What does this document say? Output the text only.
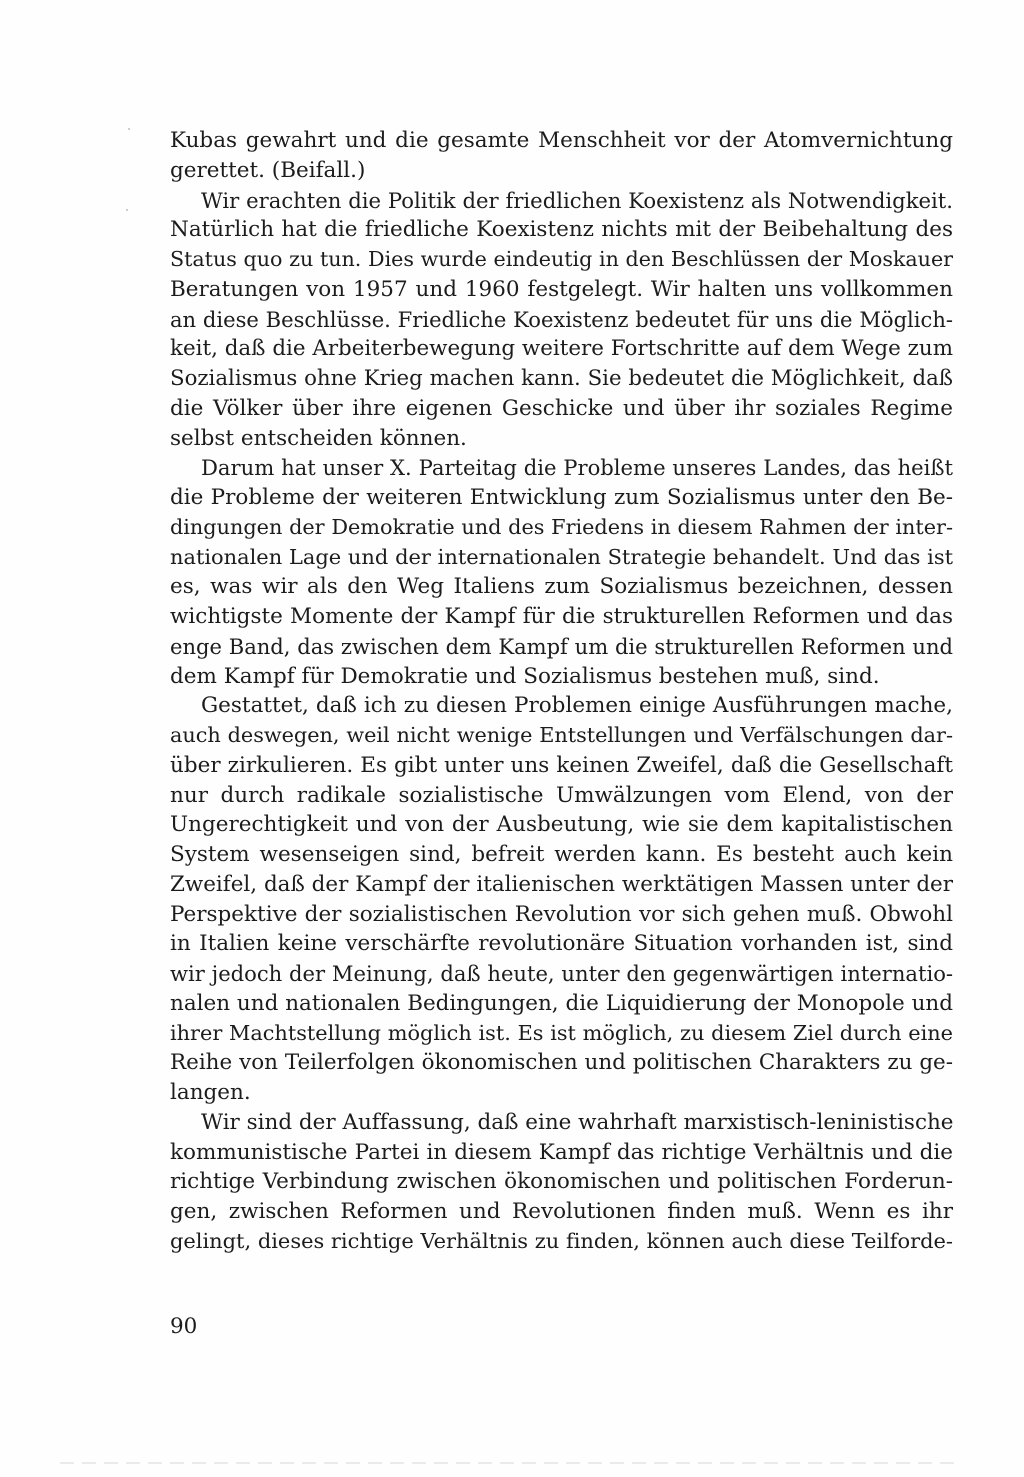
Kubas gewahrt und die gesamte Menschheit vor der Atomvernichtung
gerettet. (Beifall.)
Wir erachten die Politik der friedlichen Koexistenz als Notwendigkeit.
Natürlich hat die friedliche Koexistenz nichts mit der Beibehaltung des
Status quo zu tun. Dies wurde eindeutig in den Beschlüssen der Moskauer
Beratungen von 1957 und 1960 festgelegt. Wir halten uns vollkommen
an diese Beschlüsse. Friedliche Koexistenz bedeutet für uns die Möglich-
keit, daß die Arbeiterbewegung weitere Fortschritte auf dem Wege zum
Sozialismus ohne Krieg machen kann. Sie bedeutet die Möglichkeit, daß
die Völker über ihre eigenen Geschicke und über ihr soziales Regime
selbst entscheiden können.
Darum hat unser X. Parteitag die Probleme unseres Landes, das heißt
die Probleme der weiteren Entwicklung zum Sozialismus unter den Be-
dingungen der Demokratie und des Friedens in diesem Rahmen der inter-
nationalen Lage und der internationalen Strategie behandelt. Und das ist
es, was wir als den Weg Italiens zum Sozialismus bezeichnen, dessen
wichtigste Momente der Kampf für die strukturellen Reformen und das
enge Band, das zwischen dem Kampf um die strukturellen Reformen und
dem Kampf für Demokratie und Sozialismus bestehen muß, sind.
Gestattet, daß ich zu diesen Problemen einige Ausführungen mache,
auch deswegen, weil nicht wenige Entstellungen und Verfälschungen dar-
über zirkulieren. Es gibt unter uns keinen Zweifel, daß die Gesellschaft
nur durch radikale sozialistische Umwälzungen vom Elend, von der
Ungerechtigkeit und von der Ausbeutung, wie sie dem kapitalistischen
System wesenseigen sind, befreit werden kann. Es besteht auch kein
Zweifel, daß der Kampf der italienischen werktätigen Massen unter der
Perspektive der sozialistischen Revolution vor sich gehen muß. Obwohl
in Italien keine verschärfte revolutionäre Situation vorhanden ist, sind
wir jedoch der Meinung, daß heute, unter den gegenwärtigen internatio-
nalen und nationalen Bedingungen, die Liquidierung der Monopole und
ihrer Machtstellung möglich ist. Es ist möglich, zu diesem Ziel durch eine
Reihe von Teilerfolgen ökonomischen und politischen Charakters zu ge-
langen.
Wir sind der Auffassung, daß eine wahrhaft marxistisch-leninistische
kommunistische Partei in diesem Kampf das richtige Verhältnis und die
richtige Verbindung zwischen ökonomischen und politischen Forderun-
gen, zwischen Reformen und Revolutionen finden muß. Wenn es ihr
gelingt, dieses richtige Verhältnis zu finden, können auch diese Teilforde-
90
